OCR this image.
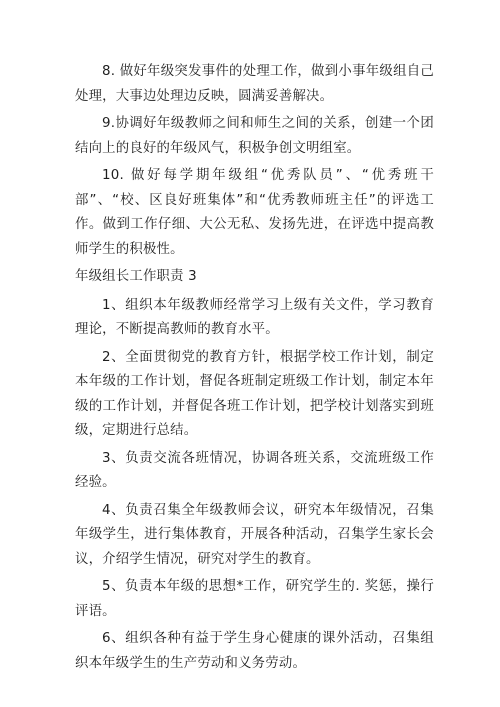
8. 做好年级突发事件的处理工作，做到小事年级组自己处理，大事边处理边反映，圆满妥善解决。

9.协调好年级教师之间和师生之间的关系，创建一个团结向上的良好的年级风气，积极争创文明组室。

10. 做好每学期年级组“优秀队员”、“优秀班干部”、“校、区良好班集体”和“优秀教师班主任”的评选工作。做到工作仔细、大公无私、发扬先进，在评选中提高教师学生的积极性。

年级组长工作职责 3

1、组织本年级教师经常学习上级有关文件，学习教育理论，不断提高教师的教育水平。

2、全面贯彻党的教育方针，根据学校工作计划，制定本年级的工作计划，督促各班制定班级工作计划，制定本年级的工作计划，并督促各班工作计划，把学校计划落实到班级，定期进行总结。

3、负责交流各班情况，协调各班关系，交流班级工作经验。

4、负责召集全年级教师会议，研究本年级情况，召集年级学生，进行集体教育，开展各种活动，召集学生家长会议，介绍学生情况，研究对学生的教育。

5、负责本年级的思想*工作，研究学生的. 奖惩，操行评语。

6、组织各种有益于学生身心健康的课外活动，召集组织本年级学生的生产劳动和义务劳动。
